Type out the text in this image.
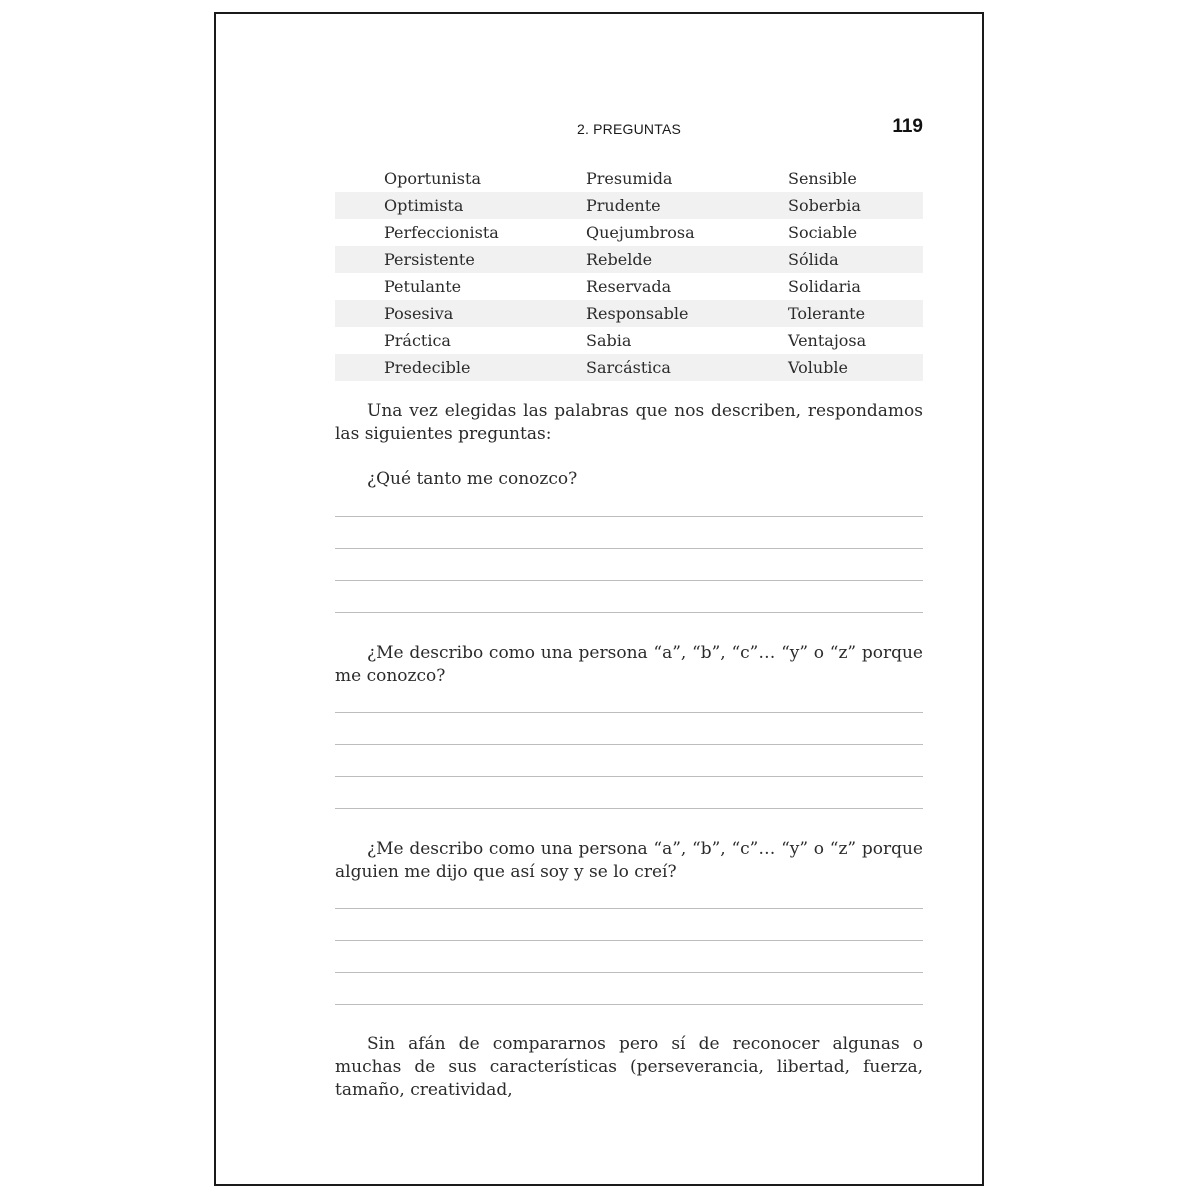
2. PREGUNTAS	119
Oportunista	Presumida	Sensible
Optimista	Prudente	Soberbia
Perfeccionista	Quejumbrosa	Sociable
Persistente	Rebelde	Sólida
Petulante	Reservada	Solidaria
Posesiva	Responsable	Tolerante
Práctica	Sabia	Ventajosa
Predecible	Sarcástica	Voluble

Una vez elegidas las palabras que nos describen, respondamos las siguientes preguntas:

¿Qué tanto me conozco?

¿Me describo como una persona “a”, “b”, “c”… “y” o “z” porque me conozco?

¿Me describo como una persona “a”, “b”, “c”… “y” o “z” porque alguien me dijo que así soy y se lo creí?

Sin afán de compararnos pero sí de reconocer algunas o muchas de sus características (perseverancia, libertad, fuerza, tamaño, creatividad,
